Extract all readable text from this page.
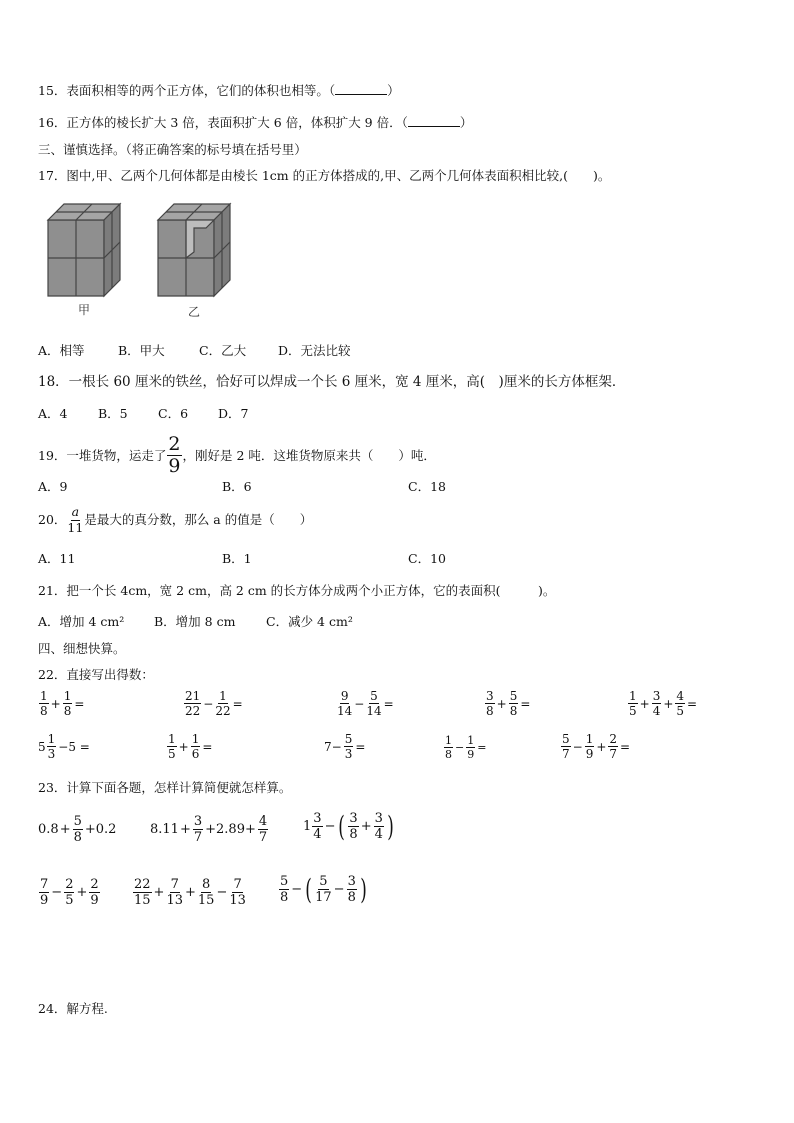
15．表面积相等的两个正方体，它们的体积也相等。（	）
16．正方体的棱长扩大 3 倍，表面积扩大 6 倍，体积扩大 9 倍．（	）
三、谨慎选择。（将正确答案的标号填在括号里）
17．图中,甲、乙两个几何体都是由棱长 1cm 的正方体搭成的,甲、乙两个几何体表面积相比较,(　　)。
甲	乙
A．相等	B．甲大	C．乙大	D．无法比较
18．一根长 60 厘米的铁丝，恰好可以焊成一个长 6 厘米，宽 4 厘米，高(　)厘米的长方体框架．
A．4 B．5 C．6 D．7
19．一堆货物，运走了 $\frac{2}{9}$ ，刚好是 2 吨．这堆货物原来共（　　）吨．
A．9	B．6	C．18
20． $\frac{a}{11}$ 是最大的真分数，那么 a 的值是（　　）
A．11	B．1	C．10
21．把一个长 4cm，宽 2 cm，高 2 cm 的长方体分成两个小正方体，它的表面积(　　　)。
A．增加 4 cm² B．增加 8 cm C．减少 4 cm²
四、细想快算。
22．直接写出得数：
$\frac{1}{8} + \frac{1}{8}$ =	$\frac{21}{22} - \frac{1}{22}$ =	$\frac{9}{14} - \frac{5}{14}$ =	$\frac{3}{8} + \frac{5}{8}$ =	$\frac{1}{5} + \frac{3}{4} + \frac{4}{5}$ =
$5 \frac{1}{3} -5$ =	$\frac{1}{5} + \frac{1}{6}$ =	$7- \frac{5}{3}$ =	$\frac{1}{8} - \frac{1}{9}$ =	$\frac{5}{7} - \frac{1}{9} + \frac{2}{7}$ =
23．计算下面各题，怎样计算简便就怎样算。
$0.8 + \frac{5}{8} +0.2$	$8.11 + \frac{3}{7} +2.89+ \frac{4}{7}$	$1 \frac{3}{4}$ − ( $\frac{3}{8} + \frac{3}{4}$ )
$\frac{7}{9} - \frac{2}{5} + \frac{2}{9}$	$\frac{22}{15} + \frac{7}{13} + \frac{8}{15} - \frac{7}{13}$	$\frac{5}{8}$ − ( $\frac{5}{17} - \frac{3}{8}$ )
24．解方程.
